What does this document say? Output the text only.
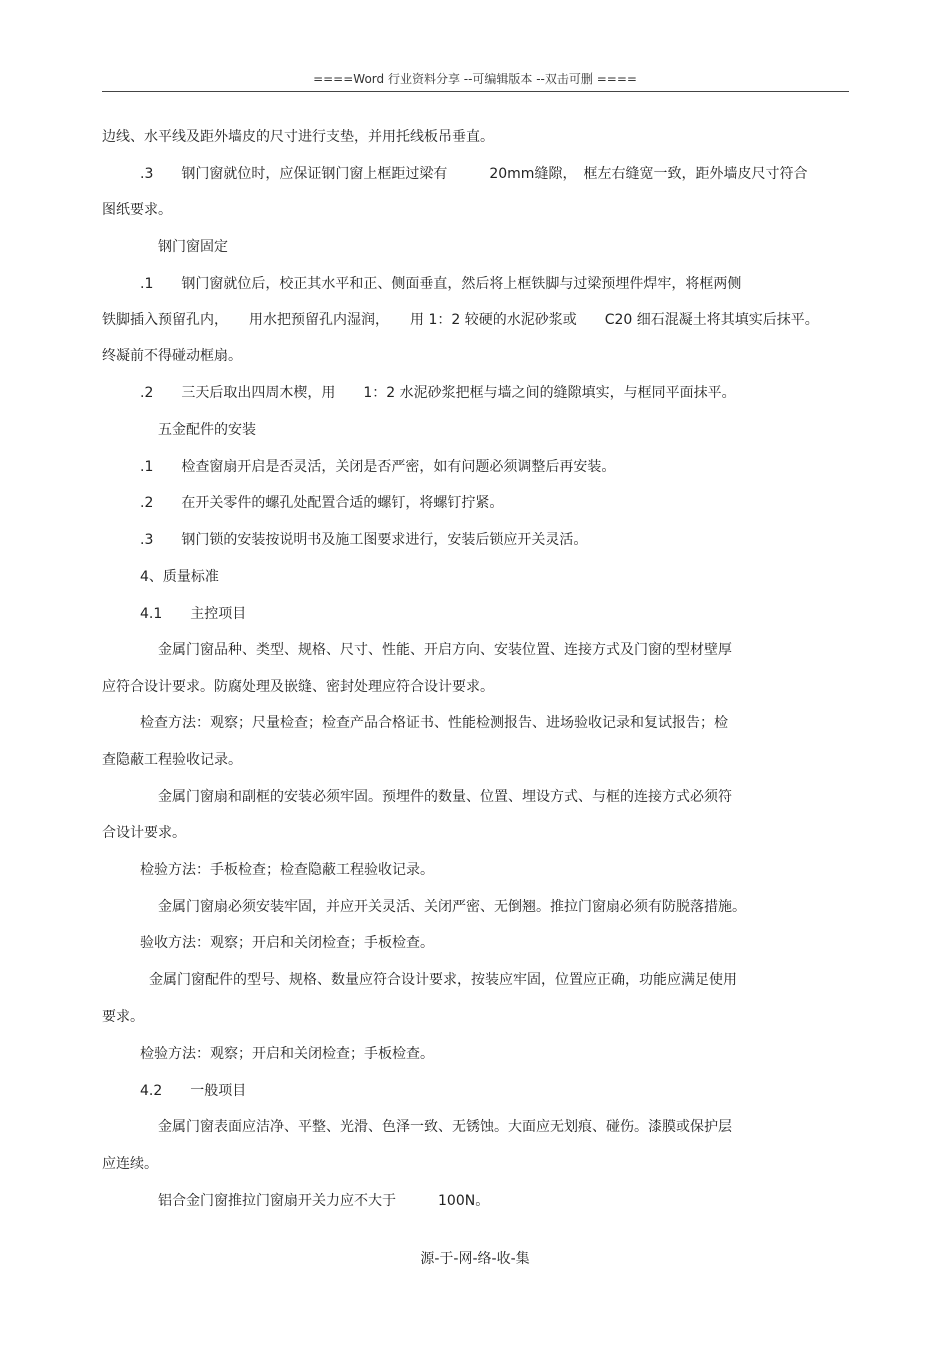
====Word 行业资料分享 --可编辑版本 --双击可删 ====
边线、水平线及距外墙皮的尺寸进行支垫，并用托线板吊垂直。
.3　　钢门窗就位时，应保证钢门窗上框距过梁有　　　20mm缝隙，　框左右缝宽一致，距外墙皮尺寸符合
图纸要求。
钢门窗固定
.1　　钢门窗就位后，校正其水平和正、侧面垂直，然后将上框铁脚与过梁预埋件焊牢，将框两侧
铁脚插入预留孔内，　　用水把预留孔内湿润，　　用 1：2 较硬的水泥砂浆或　　C20 细石混凝土将其填实后抹平。
终凝前不得碰动框扇。
.2　　三天后取出四周木楔，用　　1：2 水泥砂浆把框与墙之间的缝隙填实，与框同平面抹平。
五金配件的安装
.1　　检查窗扇开启是否灵活，关闭是否严密，如有问题必须调整后再安装。
.2　　在开关零件的螺孔处配置合适的螺钉，将螺钉拧紧。
.3　　钢门锁的安装按说明书及施工图要求进行，安装后锁应开关灵活。
4、质量标准
4.1　　主控项目
金属门窗品种、类型、规格、尺寸、性能、开启方向、安装位置、连接方式及门窗的型材壁厚
应符合设计要求。防腐处理及嵌缝、密封处理应符合设计要求。
检查方法：观察；尺量检查；检查产品合格证书、性能检测报告、进场验收记录和复试报告；检
查隐蔽工程验收记录。
金属门窗扇和副框的安装必须牢固。预埋件的数量、位置、埋设方式、与框的连接方式必须符
合设计要求。
检验方法：手板检查；检查隐蔽工程验收记录。
金属门窗扇必须安装牢固，并应开关灵活、关闭严密、无倒翘。推拉门窗扇必须有防脱落措施。
验收方法：观察；开启和关闭检查；手板检查。
金属门窗配件的型号、规格、数量应符合设计要求，按装应牢固，位置应正确，功能应满足使用
要求。
检验方法：观察；开启和关闭检查；手板检查。
4.2　　一般项目
金属门窗表面应洁净、平整、光滑、色泽一致、无锈蚀。大面应无划痕、碰伤。漆膜或保护层
应连续。
铝合金门窗推拉门窗扇开关力应不大于　　　100N。
源-于-网-络-收-集
